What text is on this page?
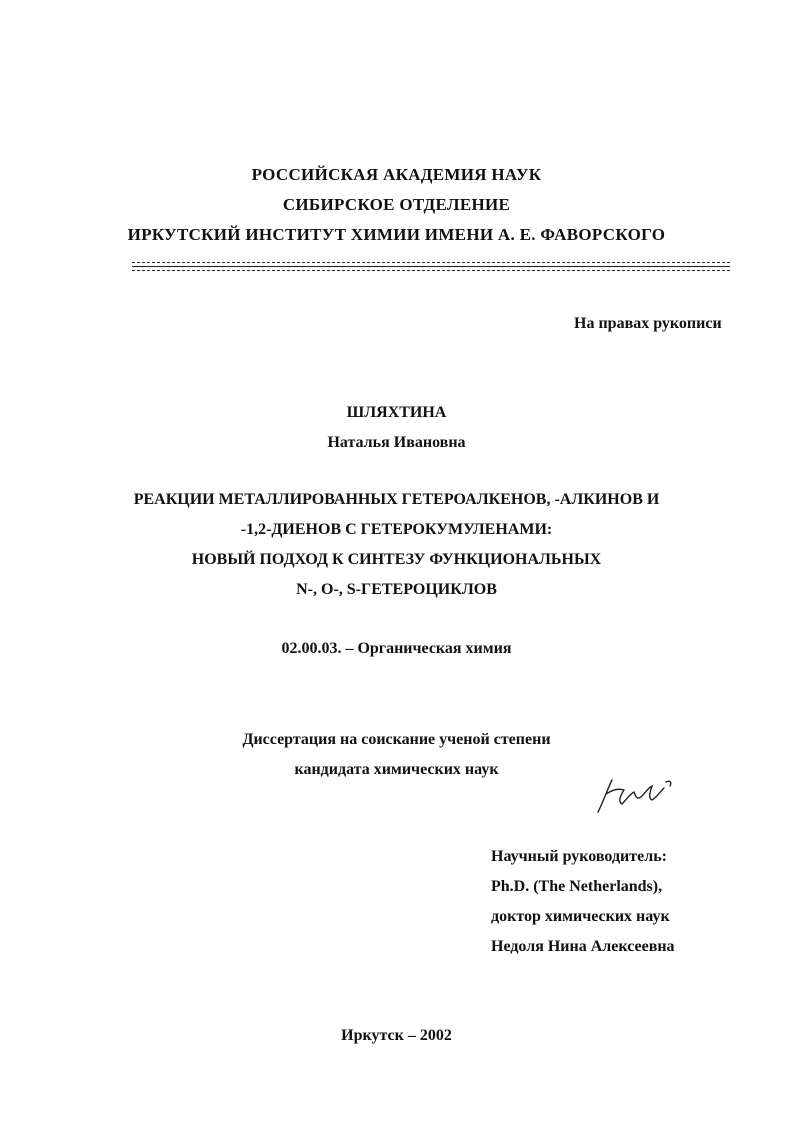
РОССИЙСКАЯ АКАДЕМИЯ НАУК
СИБИРСКОЕ ОТДЕЛЕНИЕ
ИРКУТСКИЙ ИНСТИТУТ ХИМИИ ИМЕНИ А. Е. ФАВОРСКОГО
На правах рукописи
ШЛЯХТИНА
Наталья Ивановна
РЕАКЦИИ МЕТАЛЛИРОВАННЫХ ГЕТЕРОАЛКЕНОВ, -АЛКИНОВ И
-1,2-ДИЕНОВ С ГЕТЕРОКУМУЛЕНАМИ:
НОВЫЙ ПОДХОД К СИНТЕЗУ ФУНКЦИОНАЛЬНЫХ
N-, O-, S-ГЕТЕРОЦИКЛОВ
02.00.03. – Органическая химия
Диссертация на соискание ученой степени
кандидата химических наук
Научный руководитель:
Ph.D. (The Netherlands),
доктор химических наук
Недоля Нина Алексеевна
Иркутск – 2002
